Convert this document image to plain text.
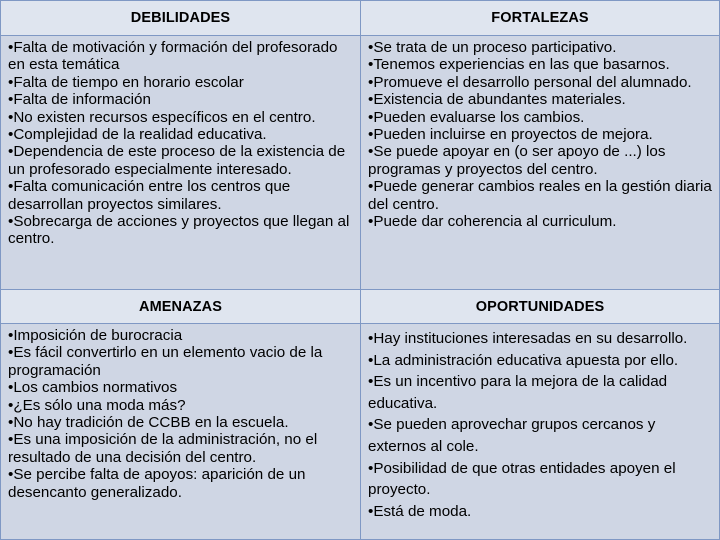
DEBILIDADES	FORTALEZAS
• Falta de motivación y formación del profesorado en esta temática
• Falta de tiempo en horario escolar
• Falta de información
• No existen recursos específicos en el centro.
• Complejidad de la realidad educativa.
• Dependencia de este proceso de la existencia de un profesorado especialmente interesado.
• Falta comunicación entre los centros que desarrollan proyectos similares.
• Sobrecarga de acciones y proyectos que llegan al centro.
• Se trata de un proceso participativo.
• Tenemos experiencias en las que basarnos.
• Promueve el desarrollo personal del alumnado.
• Existencia de abundantes materiales.
• Pueden evaluarse los cambios.
• Pueden incluirse en proyectos de mejora.
• Se puede apoyar en (o ser apoyo de ...) los programas y proyectos del centro.
• Puede generar cambios reales en la gestión diaria del centro.
• Puede dar coherencia al curriculum.
AMENAZAS	OPORTUNIDADES
• Imposición de burocracia
• Es fácil convertirlo en un elemento vacio de la programación
• Los cambios normativos
• ¿Es sólo una moda más?
• No hay tradición de CCBB en la escuela.
• Es una imposición de la administración, no el resultado de una decisión del centro.
• Se percibe falta de apoyos: aparición de un desencanto generalizado.
• Hay instituciones interesadas en su desarrollo.
• La administración educativa apuesta por ello.
• Es un incentivo para la mejora de la calidad educativa.
• Se pueden aprovechar grupos cercanos y externos al cole.
• Posibilidad de que otras entidades apoyen el proyecto.
• Está de moda.
